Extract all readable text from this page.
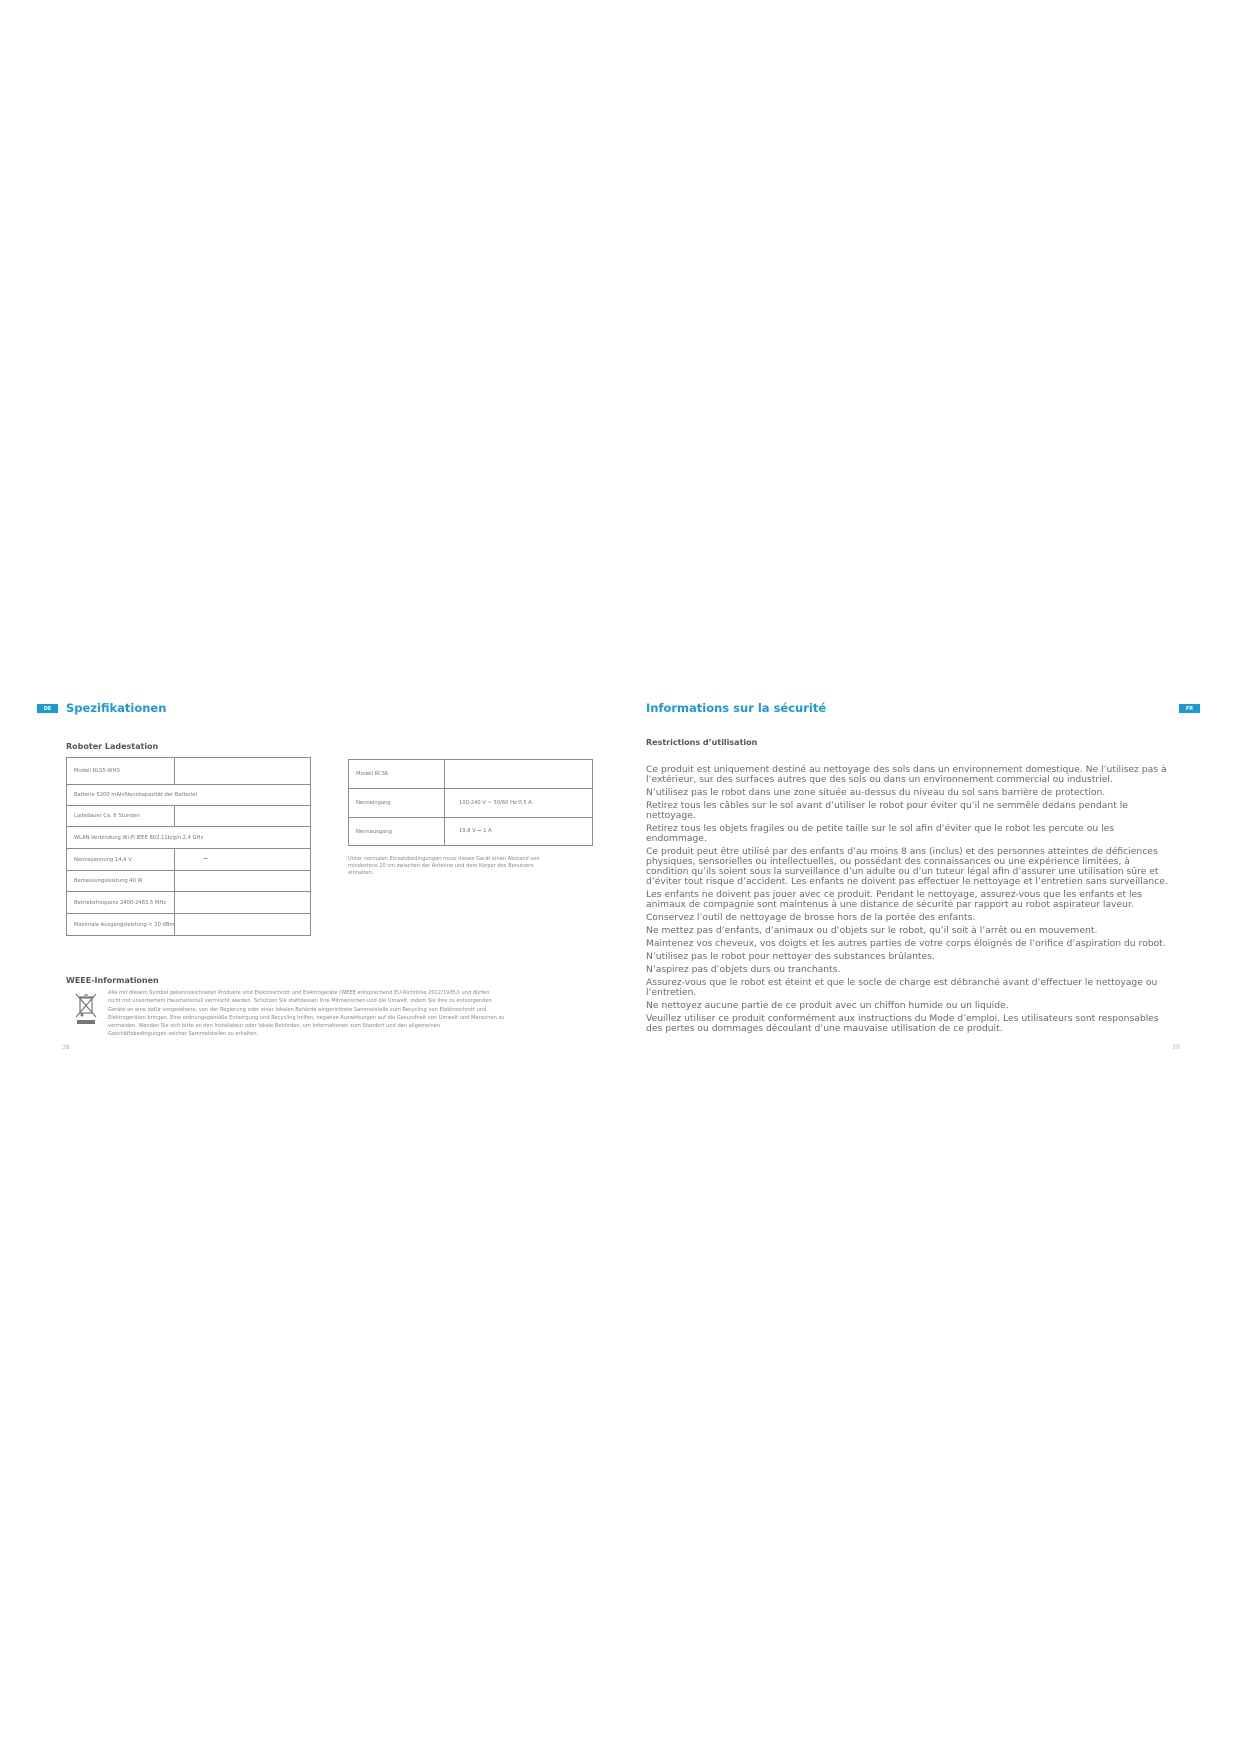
DE	Spezifikationen
Roboter Ladestation
Modell RLS5-WH0	
Batterie 5200 mAh(Nennkapazität der Batterie)	
Ladedauer Ca. 6 Stunden	
WLAN-Verbindung Wi-Fi IEEE 802.11b/g/n 2,4 GHz	
Nennspannung 14,4 V	⎓
Bemessungsleistung 40 W	
Betriebsfrequenz 2400-2483.5 MHz	
Maximale Ausgangsleistung < 20 dBm	
Modell RCS6	
Nenneingang	100-240 V ~ 50/60 Hz 0,5 A
Nennausgang	19,8 V ⎓ 1 A
Unter normalen Einsatzbedingungen muss dieses Gerät einen Abstand von
mindestens 20 cm zwischen der Antenne und dem Körper des Benutzers
einhalten.
WEEE-Informationen
Alle mit diesem Symbol gekennzeichneten Produkte sind Elektroschrott und Elektrogeräte (WEEE entsprechend EU-Richtlinie 2012/19/EU) und dürfen
nicht mit unsortiertem Haushaltsmüll vermischt werden. Schützen Sie stattdessen Ihre Mitmenschen und die Umwelt, indem Sie Ihre zu entsorgenden
Geräte an eine dafür vorgesehene, von der Regierung oder einer lokalen Behörde eingerichtete Sammelstelle zum Recycling von Elektroschrott und
Elektrogeräten bringen. Eine ordnungsgemäße Entsorgung und Recycling helfen, negative Auswirkungen auf die Gesundheit von Umwelt und Menschen zu
vermeiden. Wenden Sie sich bitte an den Installateur oder lokale Behörden, um Informationen zum Standort und den allgemeinen
Geschäftsbedingungen solcher Sammelstellen zu erhalten.
38
Informations sur la sécurité	FR
Restrictions d’utilisation
Ce produit est uniquement destiné au nettoyage des sols dans un environnement domestique. Ne l’utilisez pas à
l’extérieur, sur des surfaces autres que des sols ou dans un environnement commercial ou industriel.
N’utilisez pas le robot dans une zone située au-dessus du niveau du sol sans barrière de protection.
Retirez tous les câbles sur le sol avant d’utiliser le robot pour éviter qu’il ne semmêle dedans pendant le
nettoyage.
Retirez tous les objets fragiles ou de petite taille sur le sol afin d’éviter que le robot les percute ou les
endommage.
Ce produit peut être utilisé par des enfants d’au moins 8 ans (inclus) et des personnes atteintes de déficiences
physiques, sensorielles ou intellectuelles, ou possédant des connaissances ou une expérience limitées, à
condition qu’ils soient sous la surveillance d’un adulte ou d’un tuteur légal afin d’assurer une utilisation sûre et
d’éviter tout risque d’accident. Les enfants ne doivent pas effectuer le nettoyage et l’entretien sans surveillance.
Les enfants ne doivent pas jouer avec ce produit. Pendant le nettoyage, assurez-vous que les enfants et les
animaux de compagnie sont maintenus à une distance de sécurité par rapport au robot aspirateur laveur.
Conservez l’outil de nettoyage de brosse hors de la portée des enfants.
Ne mettez pas d’enfants, d’animaux ou d’objets sur le robot, qu’il soit à l’arrêt ou en mouvement.
Maintenez vos cheveux, vos doigts et les autres parties de votre corps éloignés de l’orifice d’aspiration du robot.
N’utilisez pas le robot pour nettoyer des substances brûlantes.
N’aspirez pas d’objets durs ou tranchants.
Assurez-vous que le robot est éteint et que le socle de charge est débranché avant d’effectuer le nettoyage ou
l’entretien.
Ne nettoyez aucune partie de ce produit avec un chiffon humide ou un liquide.
Veuillez utiliser ce produit conformément aux instructions du Mode d’emploi. Les utilisateurs sont responsables
des pertes ou dommages découlant d’une mauvaise utilisation de ce produit.
39
